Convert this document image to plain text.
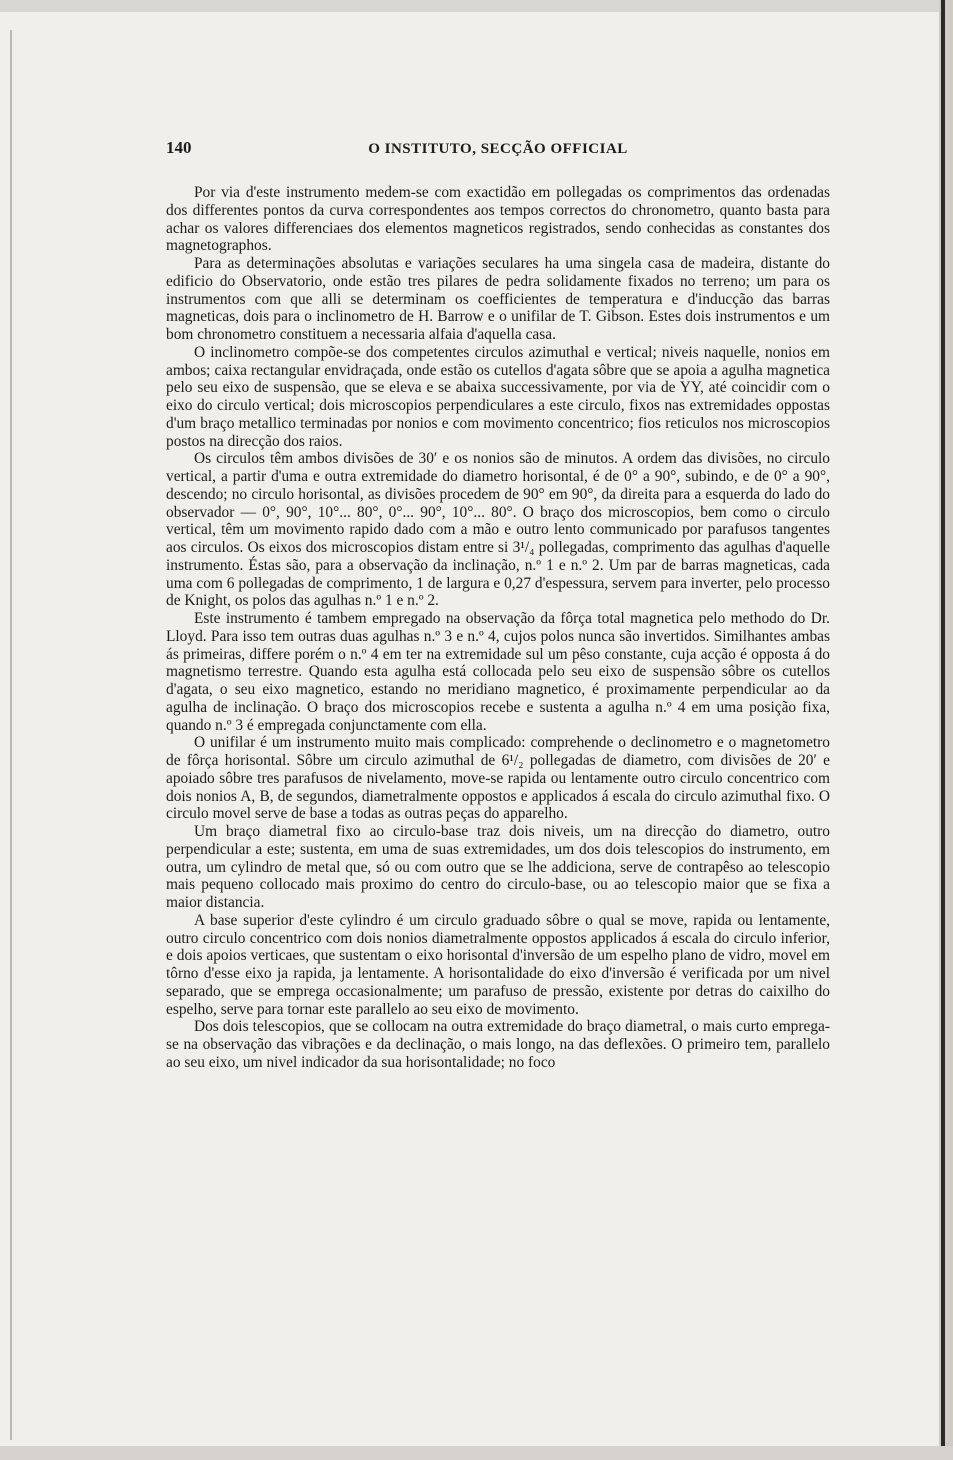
140	O INSTITUTO, SECÇÃO OFFICIAL

Por via d'este instrumento medem-se com exactidão em pollegadas os comprimentos das ordenadas dos differentes pontos da curva correspondentes aos tempos correctos do chronometro, quanto basta para achar os valores differenciaes dos elementos magneticos registrados, sendo conhecidas as constantes dos magnetographos.

Para as determinações absolutas e variações seculares ha uma singela casa de madeira, distante do edificio do Observatorio, onde estão tres pilares de pedra solidamente fixados no terreno; um para os instrumentos com que alli se determinam os coefficientes de temperatura e d'inducção das barras magneticas, dois para o inclinometro de H. Barrow e o unifilar de T. Gibson. Estes dois instrumentos e um bom chronometro constituem a necessaria alfaia d'aquella casa.

O inclinometro compõe-se dos competentes circulos azimuthal e vertical; niveis naquelle, nonios em ambos; caixa rectangular envidraçada, onde estão os cutellos d'agata sôbre que se apoia a agulha magnetica pelo seu eixo de suspensão, que se eleva e se abaixa successivamente, por via de YY, até coincidir com o eixo do circulo vertical; dois microscopios perpendiculares a este circulo, fixos nas extremidades oppostas d'um braço metallico terminadas por nonios e com movimento concentrico; fios reticulos nos microscopios postos na direcção dos raios.

Os circulos têm ambos divisões de 30′ e os nonios são de minutos. A ordem das divisões, no circulo vertical, a partir d'uma e outra extremidade do diametro horisontal, é de 0° a 90°, subindo, e de 0° a 90°, descendo; no circulo horisontal, as divisões procedem de 90° em 90°, da direita para a esquerda do lado do observador — 0°, 90°, 10°... 80°, 0°... 90°, 10°... 80°. O braço dos microscopios, bem como o circulo vertical, têm um movimento rapido dado com a mão e outro lento communicado por parafusos tangentes aos circulos. Os eixos dos microscopios distam entre si 3¹/₄ pollegadas, comprimento das agulhas d'aquelle instrumento. Éstas são, para a observação da inclinação, n.º 1 e n.º 2. Um par de barras magneticas, cada uma com 6 pollegadas de comprimento, 1 de largura e 0,27 d'espessura, servem para inverter, pelo processo de Knight, os polos das agulhas n.º 1 e n.º 2.

Este instrumento é tambem empregado na observação da fôrça total magnetica pelo methodo do Dr. Lloyd. Para isso tem outras duas agulhas n.º 3 e n.º 4, cujos polos nunca são invertidos. Similhantes ambas ás primeiras, differe porém o n.º 4 em ter na extremidade sul um pêso constante, cuja acção é opposta á do magnetismo terrestre. Quando esta agulha está collocada pelo seu eixo de suspensão sôbre os cutellos d'agata, o seu eixo magnetico, estando no meridiano magnetico, é proximamente perpendicular ao da agulha de inclinação. O braço dos microscopios recebe e sustenta a agulha n.º 4 em uma posição fixa, quando n.º 3 é empregada conjunctamente com ella.

O unifilar é um instrumento muito mais complicado: comprehende o declinometro e o magnetometro de fôrça horisontal. Sôbre um circulo azimuthal de 6¹/₂ pollegadas de diametro, com divisões de 20′ e apoiado sôbre tres parafusos de nivelamento, move-se rapida ou lentamente outro circulo concentrico com dois nonios A, B, de segundos, diametralmente oppostos e applicados á escala do circulo azimuthal fixo. O circulo movel serve de base a todas as outras peças do apparelho.

Um braço diametral fixo ao circulo-base traz dois niveis, um na direcção do diametro, outro perpendicular a este; sustenta, em uma de suas extremidades, um dos dois telescopios do instrumento, em outra, um cylindro de metal que, só ou com outro que se lhe addiciona, serve de contrapêso ao telescopio mais pequeno collocado mais proximo do centro do circulo-base, ou ao telescopio maior que se fixa a maior distancia.

A base superior d'este cylindro é um circulo graduado sôbre o qual se move, rapida ou lentamente, outro circulo concentrico com dois nonios diametralmente oppostos applicados á escala do circulo inferior, e dois apoios verticaes, que sustentam o eixo horisontal d'inversão de um espelho plano de vidro, movel em tôrno d'esse eixo ja rapida, ja lentamente. A horisontalidade do eixo d'inversão é verificada por um nivel separado, que se emprega occasionalmente; um parafuso de pressão, existente por detras do caixilho do espelho, serve para tornar este parallelo ao seu eixo de movimento.

Dos dois telescopios, que se collocam na outra extremidade do braço diametral, o mais curto emprega-se na observação das vibrações e da declinação, o mais longo, na das deflexões. O primeiro tem, parallelo ao seu eixo, um nivel indicador da sua horisontalidade; no foco
